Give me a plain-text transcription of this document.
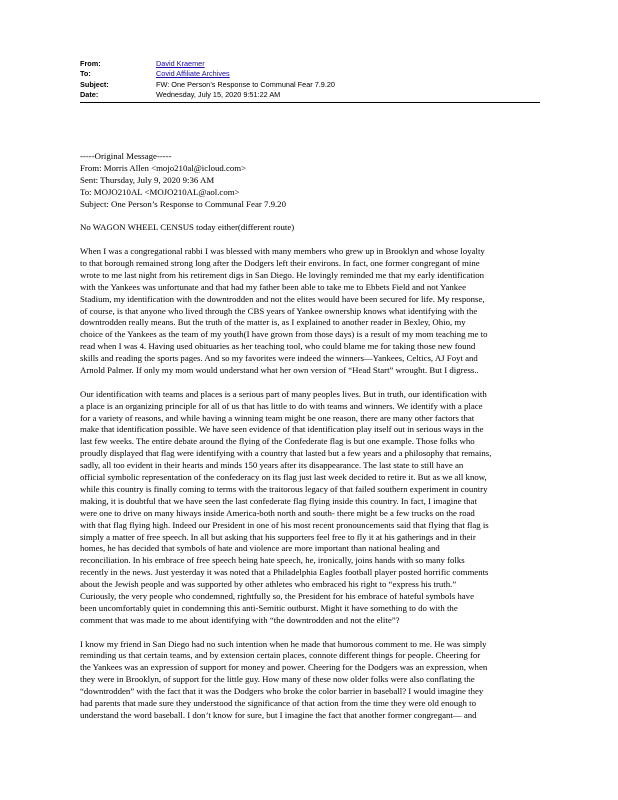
From:	David Kraemer
To:	Covid Affiliate Archives
Subject:	FW: One Person’s Response to Communal Fear 7.9.20
Date:	Wednesday, July 15, 2020 9:51:22 AM
-----Original Message-----
From: Morris Allen <mojo210al@icloud.com>
Sent: Thursday, July 9, 2020 9:36 AM
To: MOJO210AL <MOJO210AL@aol.com>
Subject: One Person’s Response to Communal Fear 7.9.20
No WAGON WHEEL CENSUS today either(different route)
When I was a congregational rabbi I was blessed with many members who grew up in Brooklyn and whose loyalty
to that borough remained strong long after the Dodgers left their environs. In fact, one former congregant of mine
wrote to me last night from his retirement digs in San Diego. He lovingly reminded me that my early identification
with the Yankees was unfortunate and that had my father been able to take me to Ebbets Field and not Yankee
Stadium, my identification with the downtrodden and not the elites would have been secured for life. My response,
of course, is that anyone who lived through the CBS years of Yankee ownership knows what identifying with the
downtrodden really means. But the truth of the matter is, as I explained to another reader in Bexley, Ohio, my
choice of the Yankees as the team of my youth(I have grown from those days) is a result of my mom teaching me to
read when I was 4. Having used obituaries as her teaching tool, who could blame me for taking those new found
skills and reading the sports pages. And so my favorites were indeed the winners—Yankees, Celtics, AJ Foyt and
Arnold Palmer. If only my mom would understand what her own version of “Head Start” wrought. But I digress..
Our identification with teams and places is a serious part of many peoples lives. But in truth, our identification with
a place is an organizing principle for all of us that has little to do with teams and winners. We identify with a place
for a variety of reasons, and while having a winning team might be one reason, there are many other factors that
make that identification possible. We have seen evidence of that identification play itself out in serious ways in the
last few weeks. The entire debate around the flying of the Confederate flag is but one example. Those folks who
proudly displayed that flag were identifying with a country that lasted but a few years and a philosophy that remains,
sadly, all too evident in their hearts and minds 150 years after its disappearance. The last state to still have an
official symbolic representation of the confederacy on its flag just last week decided to retire it. But as we all know,
while this country is finally coming to terms with the traitorous legacy of that failed southern experiment in country
making, it is doubtful that we have seen the last confederate flag flying inside this country. In fact, I imagine that
were one to drive on many hiways inside America-both north and south- there might be a few trucks on the road
with that flag flying high. Indeed our President in one of his most recent pronouncements said that flying that flag is
simply a matter of free speech. In all but asking that his supporters feel free to fly it at his gatherings and in their
homes, he has decided that symbols of hate and violence are more important than national healing and
reconciliation. In his embrace of free speech being hate speech, he, ironically, joins hands with so many folks
recently in the news. Just yesterday it was noted that a Philadelphia Eagles football player posted horrific comments
about the Jewish people and was supported by other athletes who embraced his right to “express his truth.”
Curiously, the very people who condemned, rightfully so, the President for his embrace of hateful symbols have
been uncomfortably quiet in condemning this anti-Semitic outburst. Might it have something to do with the
comment that was made to me about identifying with “the downtrodden and not the elite”?
I know my friend in San Diego had no such intention when he made that humorous comment to me. He was simply
reminding us that certain teams, and by extension certain places, connote different things for people. Cheering for
the Yankees was an expression of support for money and power. Cheering for the Dodgers was an expression, when
they were in Brooklyn, of support for the little guy. How many of these now older folks were also conflating the
“downtrodden” with the fact that it was the Dodgers who broke the color barrier in baseball? I would imagine they
had parents that made sure they understood the significance of that action from the time they were old enough to
understand the word baseball. I don’t know for sure, but I imagine the fact that another former congregant— and
